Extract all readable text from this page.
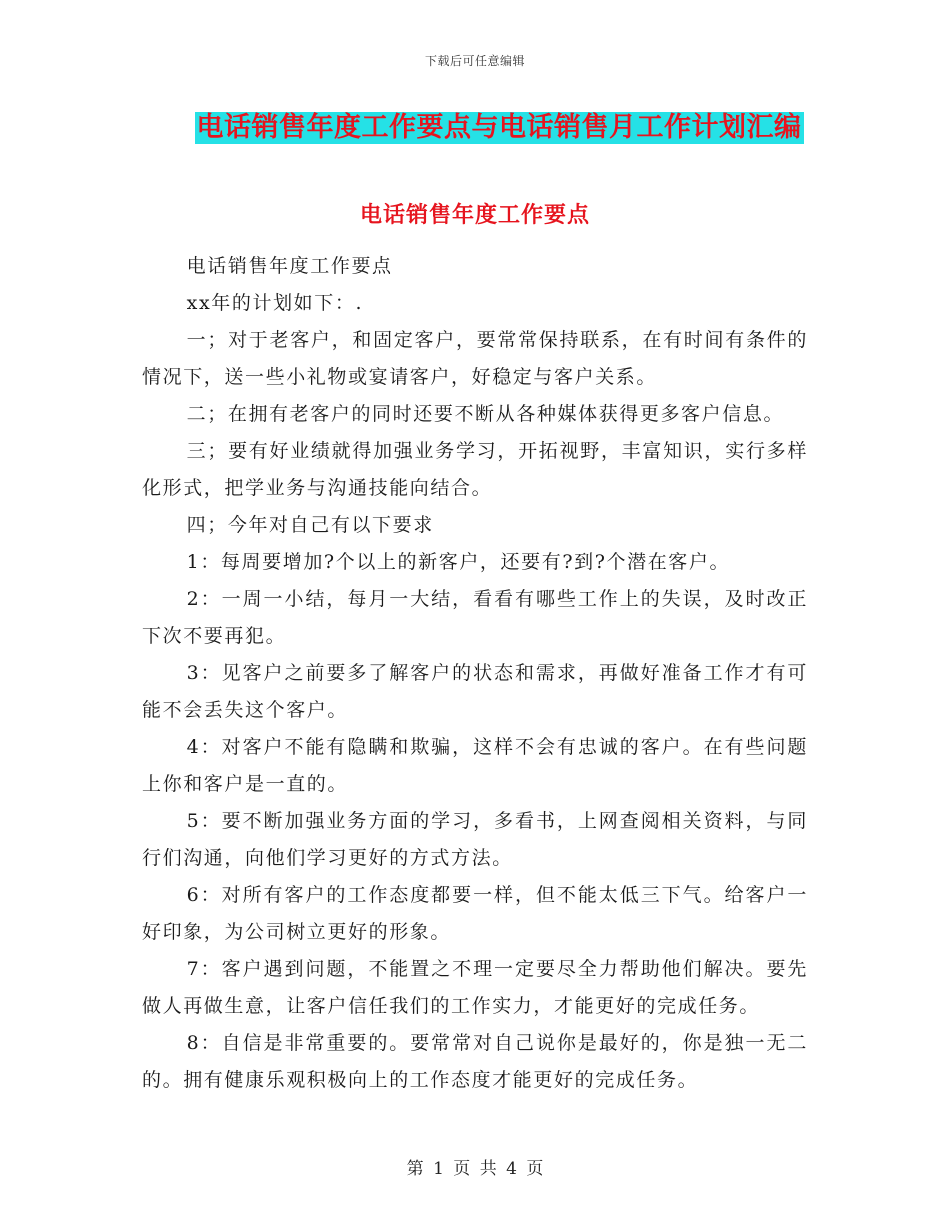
下载后可任意编辑
电话销售年度工作要点与电话销售月工作计划汇编
电话销售年度工作要点

电话销售年度工作要点

xx年的计划如下：.

一；对于老客户，和固定客户，要常常保持联系，在有时间有条件的情况下，送一些小礼物或宴请客户，好稳定与客户关系。

二；在拥有老客户的同时还要不断从各种媒体获得更多客户信息。

三；要有好业绩就得加强业务学习，开拓视野，丰富知识，实行多样化形式，把学业务与沟通技能向结合。

四；今年对自己有以下要求

1：每周要增加?个以上的新客户，还要有?到?个潜在客户。

2：一周一小结，每月一大结，看看有哪些工作上的失误，及时改正下次不要再犯。

3：见客户之前要多了解客户的状态和需求，再做好准备工作才有可能不会丢失这个客户。

4：对客户不能有隐瞒和欺骗，这样不会有忠诚的客户。在有些问题上你和客户是一直的。

5：要不断加强业务方面的学习，多看书，上网查阅相关资料，与同行们沟通，向他们学习更好的方式方法。

6：对所有客户的工作态度都要一样，但不能太低三下气。给客户一好印象，为公司树立更好的形象。

7：客户遇到问题，不能置之不理一定要尽全力帮助他们解决。要先做人再做生意，让客户信任我们的工作实力，才能更好的完成任务。

8：自信是非常重要的。要常常对自己说你是最好的，你是独一无二的。拥有健康乐观积极向上的工作态度才能更好的完成任务。

第 1 页 共 4 页
